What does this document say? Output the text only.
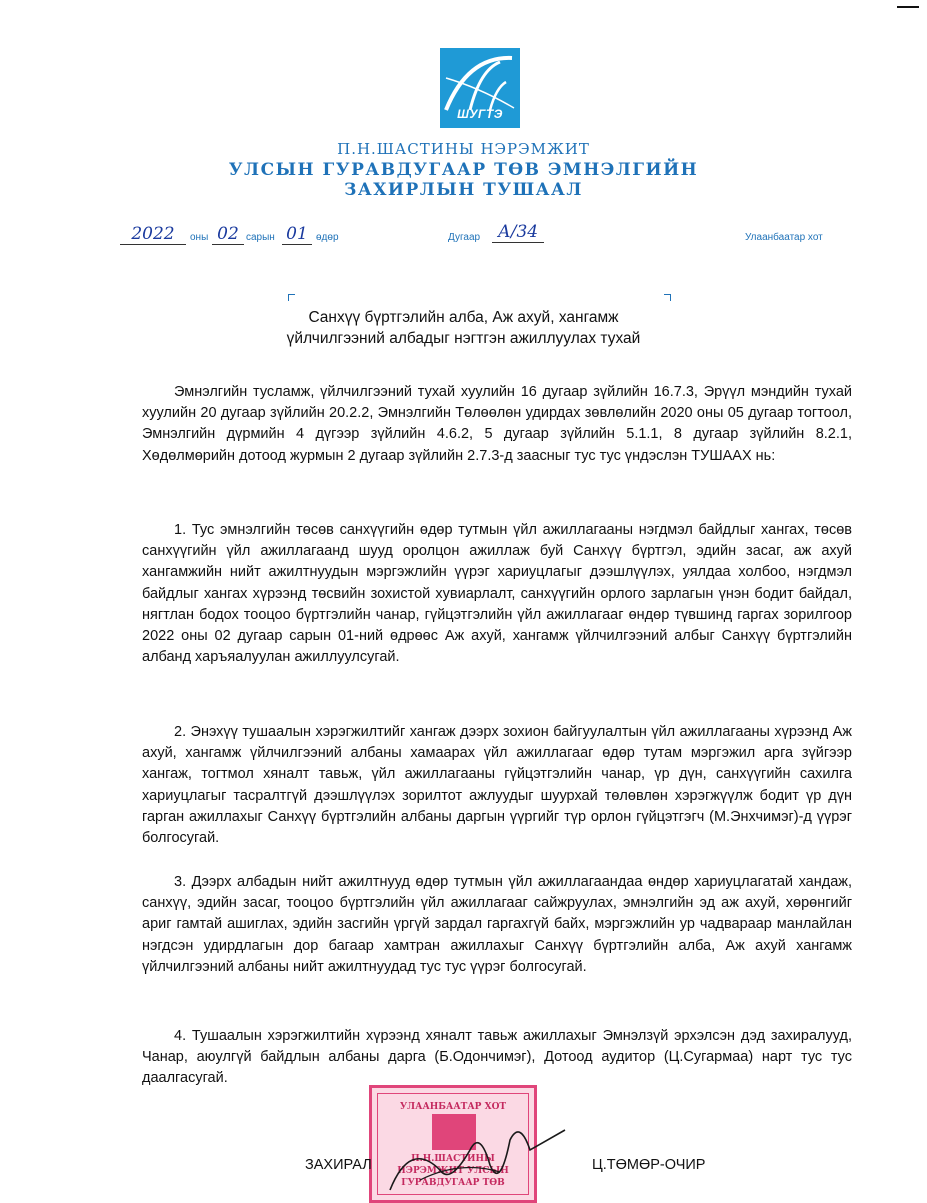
ШУГТЭ
П.Н.ШАСТИНЫ НЭРЭМЖИТ
УЛСЫН ГУРАВДУГААР ТӨВ ЭМНЭЛГИЙН
ЗАХИРЛЫН ТУШААЛ
2022	оны 02 сарын 01 өдөр	Дугаар	А/34	Улаанбаатар хот
Санхүү бүртгэлийн алба, Аж ахуй, хангамж
үйлчилгээний албадыг нэгтгэн ажиллуулах тухай

Эмнэлгийн тусламж, үйлчилгээний тухай хуулийн 16 дугаар зүйлийн 16.7.3, Эрүүл мэндийн тухай хуулийн 20 дугаар зүйлийн 20.2.2, Эмнэлгийн Төлөөлөн удирдах зөвлөлийн 2020 оны 05 дугаар тогтоол, Эмнэлгийн дүрмийн 4 дүгээр зүйлийн 4.6.2, 5 дугаар зүйлийн 5.1.1, 8 дугаар зүйлийн 8.2.1, Хөдөлмөрийн дотоод журмын 2 дугаар зүйлийн 2.7.3-д заасныг тус тус үндэслэн ТУШААХ нь:

1. Тус эмнэлгийн төсөв санхүүгийн өдөр тутмын үйл ажиллагааны нэгдмэл байдлыг хангах, төсөв санхүүгийн үйл ажиллагаанд шууд оролцон ажиллаж буй Санхүү бүртгэл, эдийн засаг, аж ахуй хангамжийн нийт ажилтнуудын мэргэжлийн үүрэг хариуцлагыг дээшлүүлэх, уялдаа холбоо, нэгдмэл байдлыг хангах хүрээнд төсвийн зохистой хувиарлалт, санхүүгийн орлого зарлагын үнэн бодит байдал, нягтлан бодох тооцоо бүртгэлийн чанар, гүйцэтгэлийн үйл ажиллагааг өндөр түвшинд гаргах зорилгоор 2022 оны 02 дугаар сарын 01-ний өдрөөс Аж ахуй, хангамж үйлчилгээний албыг Санхүү бүртгэлийн албанд харъяалуулан ажиллуулсугай.

2. Энэхүү тушаалын хэрэгжилтийг хангаж дээрх зохион байгуулалтын үйл ажиллагааны хүрээнд Аж ахуй, хангамж үйлчилгээний албаны хамаарах үйл ажиллагааг өдөр тутам мэргэжил арга зүйгээр хангаж, тогтмол хяналт тавьж, үйл ажиллагааны гүйцэтгэлийн чанар, үр дүн, санхүүгийн сахилга хариуцлагыг тасралтгүй дээшлүүлэх зорилтот ажлуудыг шуурхай төлөвлөн хэрэгжүүлж бодит үр дүн гарган ажиллахыг Санхүү бүртгэлийн албаны даргын үүргийг түр орлон гүйцэтгэгч (М.Энхчимэг)-д үүрэг болгосугай.

3. Дээрх албадын нийт ажилтнууд өдөр тутмын үйл ажиллагаандаа өндөр хариуцлагатай хандаж, санхүү, эдийн засаг, тооцоо бүртгэлийн үйл ажиллагааг сайжруулах, эмнэлгийн эд аж ахуй, хөрөнгийг ариг гамтай ашиглах, эдийн засгийн үргүй зардал гаргахгүй байх, мэргэжлийн ур чадвараар манлайлан нэгдсэн удирдлагын дор багаар хамтран ажиллахыг Санхүү бүртгэлийн алба, Аж ахуй хангамж үйлчилгээний албаны нийт ажилтнуудад тус тус үүрэг болгосугай.

4. Тушаалын хэрэгжилтийн хүрээнд хяналт тавьж ажиллахыг Эмнэлзүй эрхэлсэн дэд захиралууд, Чанар, аюулгүй байдлын албаны дарга (Б.Одончимэг), Дотоод аудитор (Ц.Сугармаа) нарт тус тус даалгасугай.

УЛААНБААТАР ХОТ
П.Н.ШАСТИНЫ
НЭРЭМЖИТ УЛСЫН
ГУРАВДУГААР ТӨВ
ЗАХИРАЛ	Ц.ТӨМӨР-ОЧИР
